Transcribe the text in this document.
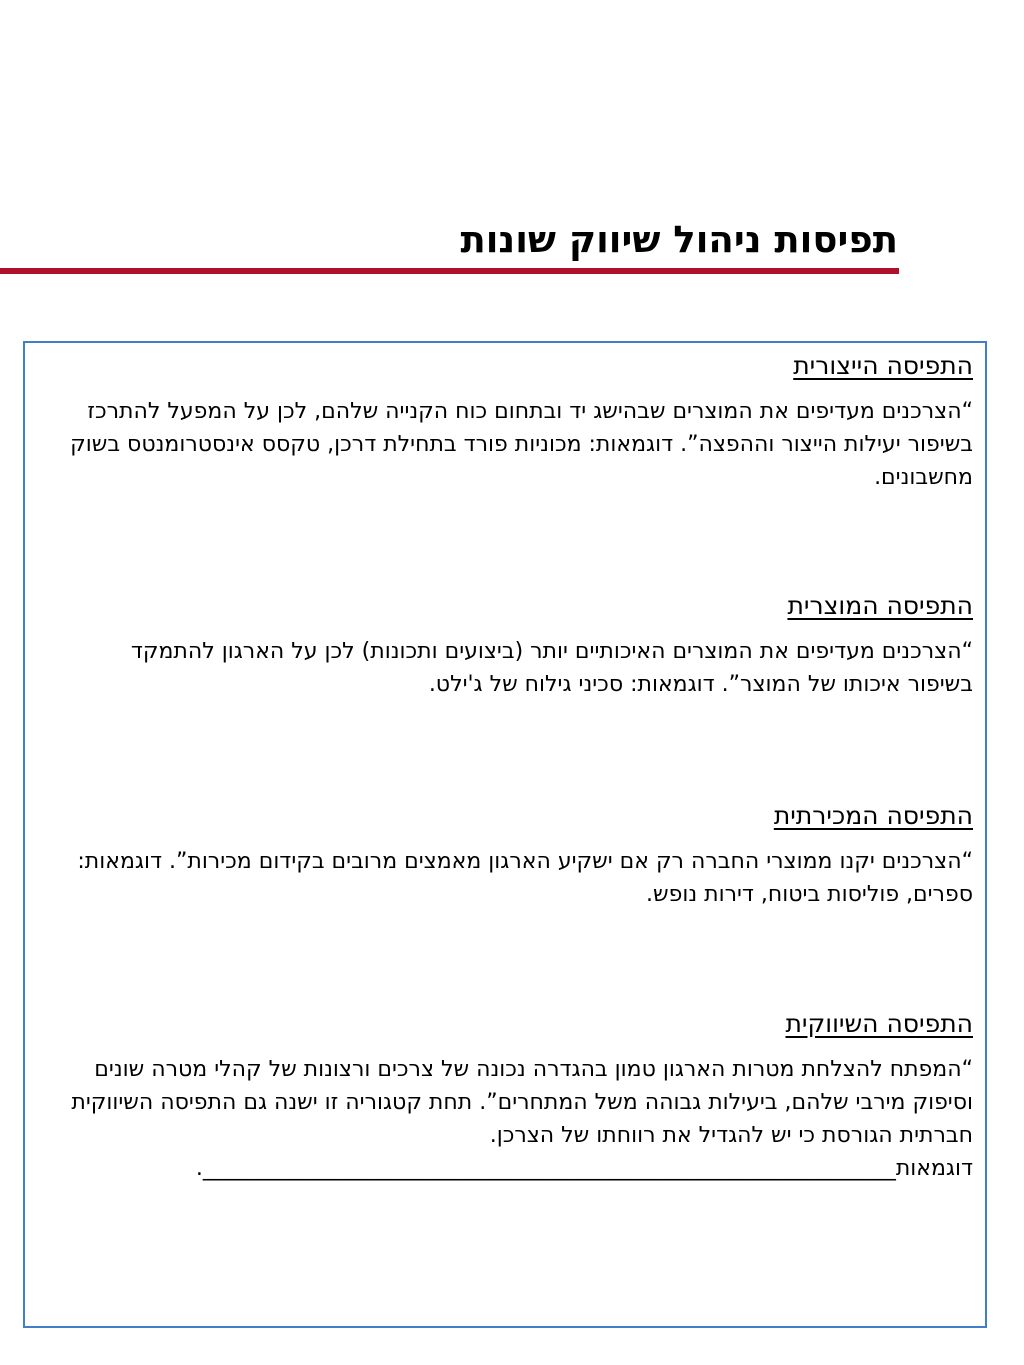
תפיסות ניהול שיווק שונות
התפיסה הייצורית

“הצרכנים מעדיפים את המוצרים שבהישג יד ובתחום כוח הקנייה שלהם, לכן על המפעל להתרכז בשיפור יעילות הייצור וההפצה”. דוגמאות: מכוניות פורד בתחילת דרכן, טקסס אינסטרומנטס בשוק מחשבונים.

התפיסה המוצרית

“הצרכנים מעדיפים את המוצרים האיכותיים יותר (ביצועים ותכונות) לכן על הארגון להתמקד בשיפור איכותו של המוצר”. דוגמאות: סכיני גילוח של ג'ילט.

התפיסה המכירתית

“הצרכנים יקנו ממוצרי החברה רק אם ישקיע הארגון מאמצים מרובים בקידום מכירות”. דוגמאות: ספרים, פוליסות ביטוח, דירות נופש.

התפיסה השיווקית

“המפתח להצלחת מטרות הארגון טמון בהגדרה נכונה של צרכים ורצונות של קהלי מטרה שונים וסיפוק מירבי שלהם, ביעילות גבוהה משל המתחרים”. תחת קטגוריה זו ישנה גם התפיסה השיווקית חברתית הגורסת כי יש להגדיל את רווחתו של הצרכן. דוגמאות_______________________________________________________________.
